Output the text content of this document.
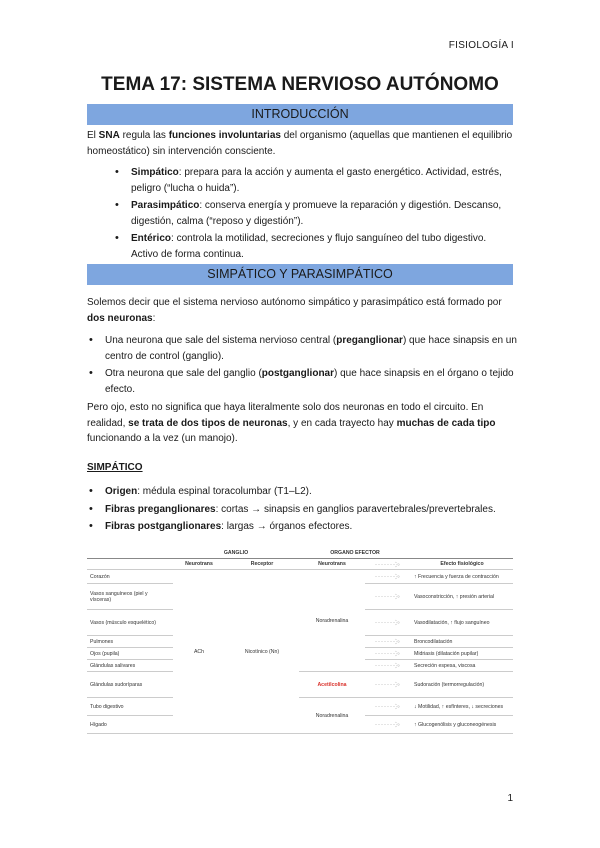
FISIOLOGÍA I
TEMA 17: SISTEMA NERVIOSO AUTÓNOMO
INTRODUCCIÓN
El SNA regula las funciones involuntarias del organismo (aquellas que mantienen el equilibrio homeostático) sin intervención consciente.
• Simpático: prepara para la acción y aumenta el gasto energético. Actividad, estrés, peligro (“lucha o huida”).
• Parasimpático: conserva energía y promueve la reparación y digestión. Descanso, digestión, calma (“reposo y digestión”).
• Entérico: controla la motilidad, secreciones y flujo sanguíneo del tubo digestivo. Activo de forma continua.
SIMPÁTICO Y PARASIMPÁTICO
Solemos decir que el sistema nervioso autónomo simpático y parasimpático está formado por dos neuronas:
• Una neurona que sale del sistema nervioso central (preganglionar) que hace sinapsis en un centro de control (ganglio).
• Otra neurona que sale del ganglio (postganglionar) que hace sinapsis en el órgano o tejido efecto.
Pero ojo, esto no significa que haya literalmente solo dos neuronas en todo el circuito. En realidad, se trata de dos tipos de neuronas, y en cada trayecto hay muchas de cada tipo funcionando a la vez (un manojo).
SIMPÁTICO
• Origen: médula espinal toracolumbar (T1–L2).
• Fibras preganglionares: cortas → sinapsis en ganglios paravertebrales/prevertebrales.
• Fibras postganglionares: largas → órganos efectores.
	GANGLIO		ORGANO EFECTOR		
	Neurotrans	Receptor	Neurotrans		Efecto fisiológico
Corazón	ACh	Nicotínico (Nn)	Noradrenalina		↑ Frecuencia y fuerza de contracción
Vasos sanguíneos (piel y vísceras)					Vasoconstricción, ↑ presión arterial
Vasos (músculo esquelético)					Vasodilatación, ↑ flujo sanguíneo
Pulmones					Broncodilatación
Ojos (pupila)					Midriasis (dilatación pupilar)
Glándulas salivares					Secreción espesa, viscosa
Glándulas sudoríparas			Acetilcolina		Sudoración (termorregulación)
Tubo digestivo			Noradrenalina		↓ Motilidad, ↑ esfínteres, ↓ secreciones
Hígado					↑ Glucogenólisis y gluconeogénesis
1
